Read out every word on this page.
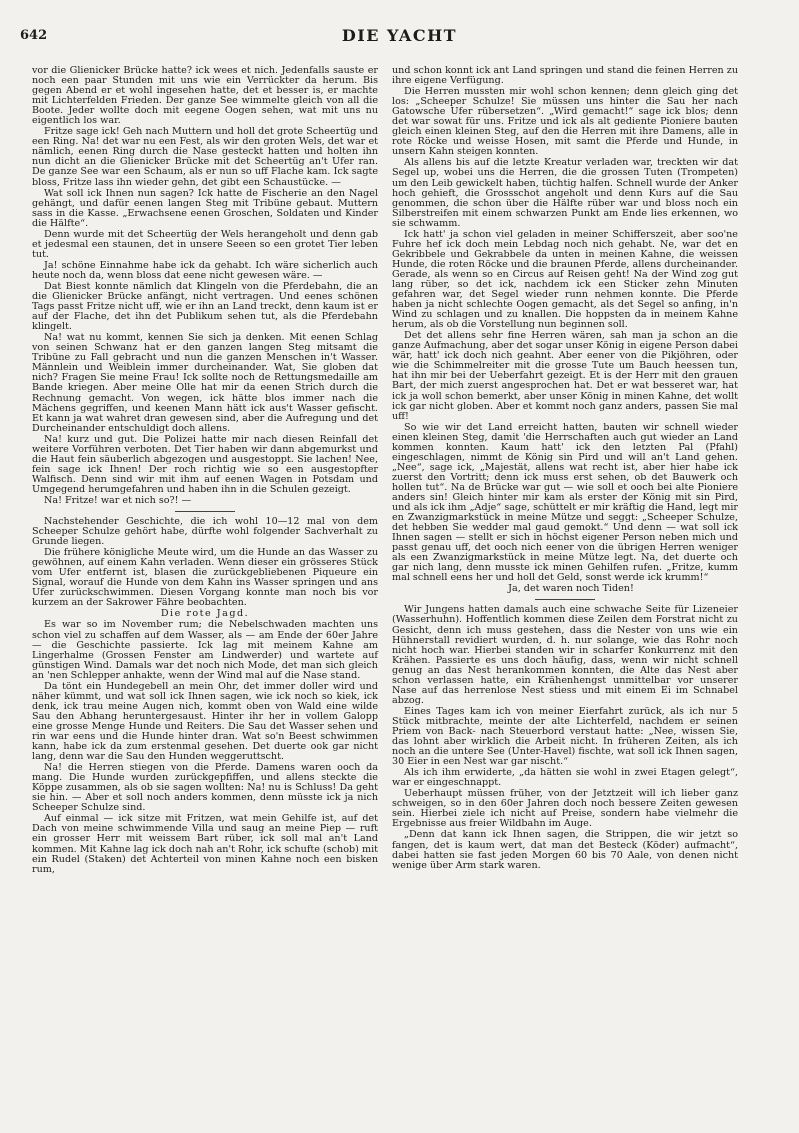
642	DIE YACHT

vor die Glienicker Brücke hatte? ick wees et nich. Jedenfalls sauste er noch een paar Stunden mit uns wie ein Verrückter da herum. Bis gegen Abend er et wohl ingesehen hatte, det et besser is, er machte mit Lichterfelden Frieden. Der ganze See wimmelte gleich von all die Boote. Jeder wollte doch mit eegene Oogen sehen, wat mit uns nu eigentlich los war.

Fritze sage ick! Geh nach Muttern und holl det grote Scheertüg und een Ring. Na! det war nu een Fest, als wir den groten Wels, det war et nämlich, eenen Ring durch die Nase gesteckt hatten und holten ihn nun dicht an die Glienicker Brücke mit det Scheertüg an't Ufer ran. De ganze See war een Schaum, als er nun so uff Flache kam. Ick sagte bloss, Fritze lass ihn wieder gehn, det gibt een Schaustücke. —

Wat soll ick Ihnen nun sagen? Ick hatte de Fischerie an den Nagel gehängt, und dafür eenen langen Steg mit Tribüne gebaut. Muttern sass in die Kasse. „Erwachsene eenen Groschen, Soldaten und Kinder die Hälfte“.

Denn wurde mit det Scheertüg der Wels herangeholt und denn gab et jedesmal een staunen, det in unsere Seeen so een grotet Tier leben tut.

Ja! schöne Einnahme habe ick da gehabt. Ich wäre sicherlich auch heute noch da, wenn bloss dat eene nicht gewesen wäre. —

Dat Biest konnte nämlich dat Klingeln von die Pferdebahn, die an die Glienicker Brücke anfängt, nicht vertragen. Und eenes schönen Tags passt Fritze nicht uff, wie er ihn an Land treckt, denn kaum ist er auf der Flache, det ihn det Publikum sehen tut, als die Pferdebahn klingelt.

Na! wat nu kommt, kennen Sie sich ja denken. Mit eenen Schlag von seinen Schwanz hat er den ganzen langen Steg mitsamt die Tribüne zu Fall gebracht und nun die ganzen Menschen in't Wasser. Männlein und Weiblein immer durcheinander. Wat, Sie globen dat nich? Fragen Sie meine Frau! Ick sollte noch de Rettungsmedaille am Bande kriegen. Aber meine Olle hat mir da eenen Strich durch die Rechnung gemacht. Von wegen, ick hätte blos immer nach die Mächens gegriffen, und keenen Mann hätt ick aus't Wasser gefischt. Et kann ja wat wahret dran gewesen sind, aber die Aufregung und det Durcheinander entschuldigt doch allens.

Na! kurz und gut. Die Polizei hatte mir nach diesen Reinfall det weitere Vorführen verboten. Det Tier haben wir dann abgemurkst und die Haut fein säuberlich abgezogen und ausgestoppt. Sie lachen! Nee, fein sage ick Ihnen! Der roch richtig wie so een ausgestopfter Walfisch. Denn sind wir mit ihm auf eenen Wagen in Potsdam und Umgegend herumgefahren und haben ihn in die Schulen gezeigt.

Na! Fritze! war et nich so?! —

Nachstehender Geschichte, die ich wohl 10—12 mal von dem Scheeper Schulze gehört habe, dürfte wohl folgender Sachverhalt zu Grunde liegen.

Die frühere königliche Meute wird, um die Hunde an das Wasser zu gewöhnen, auf einem Kahn verladen. Wenn dieser ein grösseres Stück vom Ufer entfernt ist, blasen die zurückgebliebenen Piqueure ein Signal, worauf die Hunde von dem Kahn ins Wasser springen und ans Ufer zurückschwimmen. Diesen Vorgang konnte man noch bis vor kurzem an der Sakrower Fähre beobachten.

Die rote Jagd.

Es war so im November rum; die Nebelschwaden machten uns schon viel zu schaffen auf dem Wasser, als — am Ende der 60er Jahre — die Geschichte passierte. Ick lag mit meinem Kahne am Lingerhalme (Grossen Fenster am Lindwerder) und wartete auf günstigen Wind. Damals war det noch nich Mode, det man sich gleich an 'nen Schlepper anhakte, wenn der Wind mal auf die Nase stand.

Da tönt ein Hundegebell an mein Ohr, det immer doller wird und näher kümmt, und wat soll ick Ihnen sagen, wie ick noch so kiek, ick denk, ick trau meine Augen nich, kommt oben von Wald eine wilde Sau den Abhang heruntergesaust. Hinter ihr her in vollem Galopp eine grosse Menge Hunde und Reiters. Die Sau det Wasser sehen und rin war eens und die Hunde hinter dran. Wat so'n Beest schwimmen kann, habe ick da zum erstenmal gesehen. Det duerte ook gar nicht lang, denn war die Sau den Hunden weggeruttscht.

Na! die Herren stiegen von die Pferde. Damens waren ooch da mang. Die Hunde wurden zurückgepfiffen, und allens steckte die Köppe zusammen, als ob sie sagen wollten: Na! nu is Schluss! Da geht sie hin. — Aber et soll noch anders kommen, denn müsste ick ja nich Scheeper Schulze sind.

Auf einmal — ick sitze mit Fritzen, wat mein Gehilfe ist, auf det Dach von meine schwimmende Villa und saug an meine Piep — ruft ein grosser Herr mit weissem Bart rüber, ick soll mal an't Land kommen. Mit Kahne lag ick doch nah an't Rohr, ick schufte (schob) mit ein Rudel (Staken) det Achterteil von minen Kahne noch een bisken rum,

und schon konnt ick ant Land springen und stand die feinen Herren zu ihre eigene Verfügung.

Die Herren mussten mir wohl schon kennen; denn gleich ging det los: „Scheeper Schulze! Sie müssen uns hinter die Sau her nach Gatowsche Ufer rübersetzen“. „Wird gemacht!“ sage ick blos; denn det war sowat für uns. Fritze und ick als alt gediente Pioniere bauten gleich einen kleinen Steg, auf den die Herren mit ihre Damens, alle in rote Röcke und weisse Hosen, mit samt die Pferde und Hunde, in unsern Kahn steigen konnten.

Als allens bis auf die letzte Kreatur verladen war, treckten wir dat Segel up, wobei uns die Herren, die die grossen Tuten (Trompeten) um den Leib gewickelt haben, tüchtig halfen. Schnell wurde der Anker hoch gehieft, die Grossschot angeholt und denn Kurs auf die Sau genommen, die schon über die Hälfte rüber war und bloss noch ein Silberstreifen mit einem schwarzen Punkt am Ende lies erkennen, wo sie schwamm.

Ick hatt' ja schon viel geladen in meiner Schifferszeit, aber soo'ne Fuhre hef ick doch mein Lebdag noch nich gehabt. Ne, war det en Gekribbele und Gekrabbele da unten in meinen Kahne, die weissen Hunde, die roten Röcke und die braunen Pferde, allens durcheinander. Gerade, als wenn so en Circus auf Reisen geht! Na der Wind zog gut lang rüber, so det ick, nachdem ick een Sticker zehn Minuten gefahren war, det Segel wieder runn nehmen konnte. Die Pferde haben ja nicht schlechte Oogen gemacht, als det Segel so anfing, in'n Wind zu schlagen und zu knallen. Die hoppsten da in meinem Kahne herum, als ob die Vorstellung nun beginnen soll.

Det det allens sehr fine Herren wären, sah man ja schon an die ganze Aufmachung, aber det sogar unser König in eigene Person dabei wär, hatt' ick doch nich geahnt. Aber eener von die Pikjöhren, oder wie die Schimmelreiter mit die grosse Tute um Bauch heessen tun, hat ihn mir bei der Ueberfahrt gezeigt. Et is der Herr mit den grauen Bart, der mich zuerst angesprochen hat. Det er wat besseret war, hat ick ja woll schon bemerkt, aber unser König in minen Kahne, det wollt ick gar nicht globen. Aber et kommt noch ganz anders, passen Sie mal uff!

So wie wir det Land erreicht hatten, bauten wir schnell wieder einen kleinen Steg, damit 'die Herrschaften auch gut wieder an Land kommen konnten. Kaum hatt' ick den letzten Pal (Pfahl) eingeschlagen, nimmt de König sin Pird und will an't Land gehen. „Nee“, sage ick, „Majestät, allens wat recht ist, aber hier habe ick zuerst den Vortritt; denn ick muss erst sehen, ob det Bauwerk och hollen tut“. Na de Brücke war gut — wie soll et ooch bei alte Pioniere anders sin! Gleich hinter mir kam als erster der König mit sin Pird, und als ick ihm „Adje“ sage, schüttelt er mir kräftig die Hand, legt mir en Zwanzigmarkstück in meine Mütze und seggt: „Scheeper Schulze, det hebben Sie wedder mal gaud gemokt.“ Und denn — wat soll ick Ihnen sagen — stellt er sich in höchst eigener Person neben mich und passt genau uff, det ooch nich eener von die übrigen Herren weniger als een Zwanzigmarkstück in meine Mütze legt. Na, det duerte och gar nich lang, denn musste ick minen Gehilfen rufen. „Fritze, kumm mal schnell eens her und holl det Geld, sonst werde ick krumm!“

Ja, det waren noch Tiden!

Wir Jungens hatten damals auch eine schwache Seite für Lizeneier (Wasserhuhn). Hoffentlich kommen diese Zeilen dem Forstrat nicht zu Gesicht, denn ich muss gestehen, dass die Nester von uns wie ein Hühnerstall revidiert wurden, d. h. nur solange, wie das Rohr noch nicht hoch war. Hierbei standen wir in scharfer Konkurrenz mit den Krähen. Passierte es uns doch häufig, dass, wenn wir nicht schnell genug an das Nest herankommen konnten, die Alte das Nest aber schon verlassen hatte, ein Krähenhengst unmittelbar vor unserer Nase auf das herrenlose Nest stiess und mit einem Ei im Schnabel abzog.

Eines Tages kam ich von meiner Eierfahrt zurück, als ich nur 5 Stück mitbrachte, meinte der alte Lichterfeld, nachdem er seinen Priem von Back- nach Steuerbord verstaut hatte: „Nee, wissen Sie, das lohnt aber wirklich die Arbeit nicht. In früheren Zeiten, als ich noch an die untere See (Unter-Havel) fischte, wat soll ick Ihnen sagen, 30 Eier in een Nest war gar nischt.“

Als ich ihm erwiderte, „da hätten sie wohl in zwei Etagen gelegt“, war er eingeschnappt.

Ueberhaupt müssen früher, von der Jetztzeit will ich lieber ganz schweigen, so in den 60er Jahren doch noch bessere Zeiten gewesen sein. Hierbei ziele ich nicht auf Preise, sondern habe vielmehr die Ergebnisse aus freier Wildbahn im Auge.

„Denn dat kann ick Ihnen sagen, die Strippen, die wir jetzt so fangen, det is kaum wert, dat man det Besteck (Köder) aufmacht“, dabei hatten sie fast jeden Morgen 60 bis 70 Aale, von denen nicht wenige über Arm stark waren.
